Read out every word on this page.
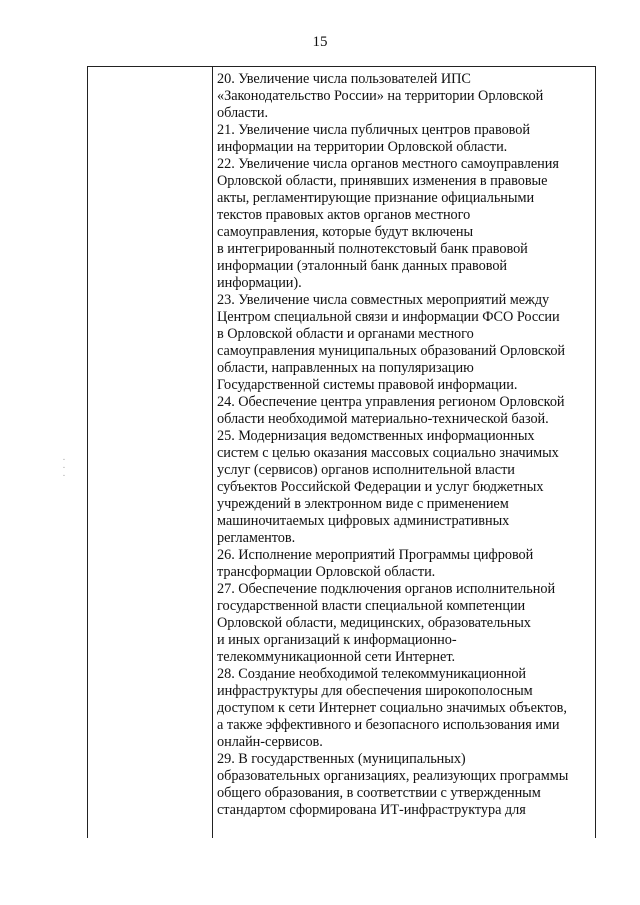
15
·
·
·
20. Увеличение числа пользователей ИПС
«Законодательство России» на территории Орловской
области.
21. Увеличение числа публичных центров правовой
информации на территории Орловской области.
22. Увеличение числа органов местного самоуправления
Орловской области, принявших изменения в правовые
акты, регламентирующие признание официальными
текстов правовых актов органов местного
самоуправления, которые будут включены
в интегрированный полнотекстовый банк правовой
информации (эталонный банк данных правовой
информации).
23. Увеличение числа совместных мероприятий между
Центром специальной связи и информации ФСО России
в Орловской области и органами местного
самоуправления муниципальных образований Орловской
области, направленных на популяризацию
Государственной системы правовой информации.
24. Обеспечение центра управления регионом Орловской
области необходимой материально-технической базой.
25. Модернизация ведомственных информационных
систем с целью оказания массовых социально значимых
услуг (сервисов) органов исполнительной власти
субъектов Российской Федерации и услуг бюджетных
учреждений в электронном виде с применением
машиночитаемых цифровых административных
регламентов.
26. Исполнение мероприятий Программы цифровой
трансформации Орловской области.
27. Обеспечение подключения органов исполнительной
государственной власти специальной компетенции
Орловской области, медицинских, образовательных
и иных организаций к информационно-
телекоммуникационной сети Интернет.
28. Создание необходимой телекоммуникационной
инфраструктуры для обеспечения широкополосным
доступом к сети Интернет социально значимых объектов,
а также эффективного и безопасного использования ими
онлайн-сервисов.
29. В государственных (муниципальных)
образовательных организациях, реализующих программы
общего образования, в соответствии с утвержденным
стандартом сформирована ИТ-инфраструктура для
